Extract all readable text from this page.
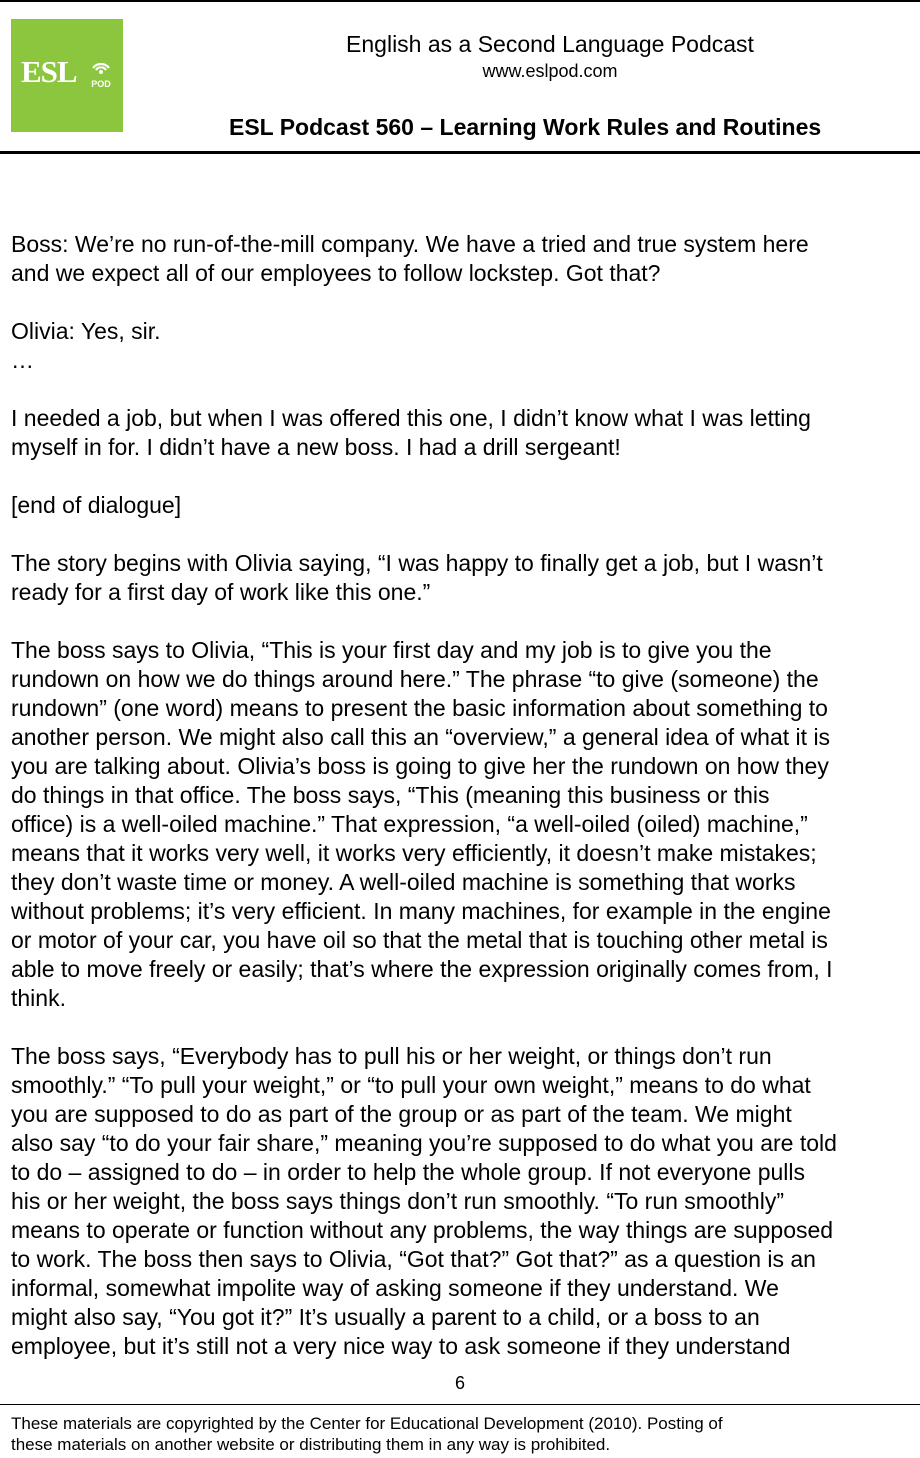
ESL POD
English as a Second Language Podcast
www.eslpod.com
ESL Podcast 560 – Learning Work Rules and Routines

Boss: We’re no run-of-the-mill company. We have a tried and true system here
and we expect all of our employees to follow lockstep. Got that?

Olivia: Yes, sir.
…

I needed a job, but when I was offered this one, I didn’t know what I was letting
myself in for. I didn’t have a new boss. I had a drill sergeant!

[end of dialogue]

The story begins with Olivia saying, “I was happy to finally get a job, but I wasn’t
ready for a first day of work like this one.”

The boss says to Olivia, “This is your first day and my job is to give you the
rundown on how we do things around here.” The phrase “to give (someone) the
rundown” (one word) means to present the basic information about something to
another person. We might also call this an “overview,” a general idea of what it is
you are talking about. Olivia’s boss is going to give her the rundown on how they
do things in that office. The boss says, “This (meaning this business or this
office) is a well-oiled machine.” That expression, “a well-oiled (oiled) machine,”
means that it works very well, it works very efficiently, it doesn’t make mistakes;
they don’t waste time or money. A well-oiled machine is something that works
without problems; it’s very efficient. In many machines, for example in the engine
or motor of your car, you have oil so that the metal that is touching other metal is
able to move freely or easily; that’s where the expression originally comes from, I
think.

The boss says, “Everybody has to pull his or her weight, or things don’t run
smoothly.” “To pull your weight,” or “to pull your own weight,” means to do what
you are supposed to do as part of the group or as part of the team. We might
also say “to do your fair share,” meaning you’re supposed to do what you are told
to do – assigned to do – in order to help the whole group. If not everyone pulls
his or her weight, the boss says things don’t run smoothly. “To run smoothly”
means to operate or function without any problems, the way things are supposed
to work. The boss then says to Olivia, “Got that?” Got that?” as a question is an
informal, somewhat impolite way of asking someone if they understand. We
might also say, “You got it?” It’s usually a parent to a child, or a boss to an
employee, but it’s still not a very nice way to ask someone if they understand

6
These materials are copyrighted by the Center for Educational Development (2010). Posting of
these materials on another website or distributing them in any way is prohibited.
